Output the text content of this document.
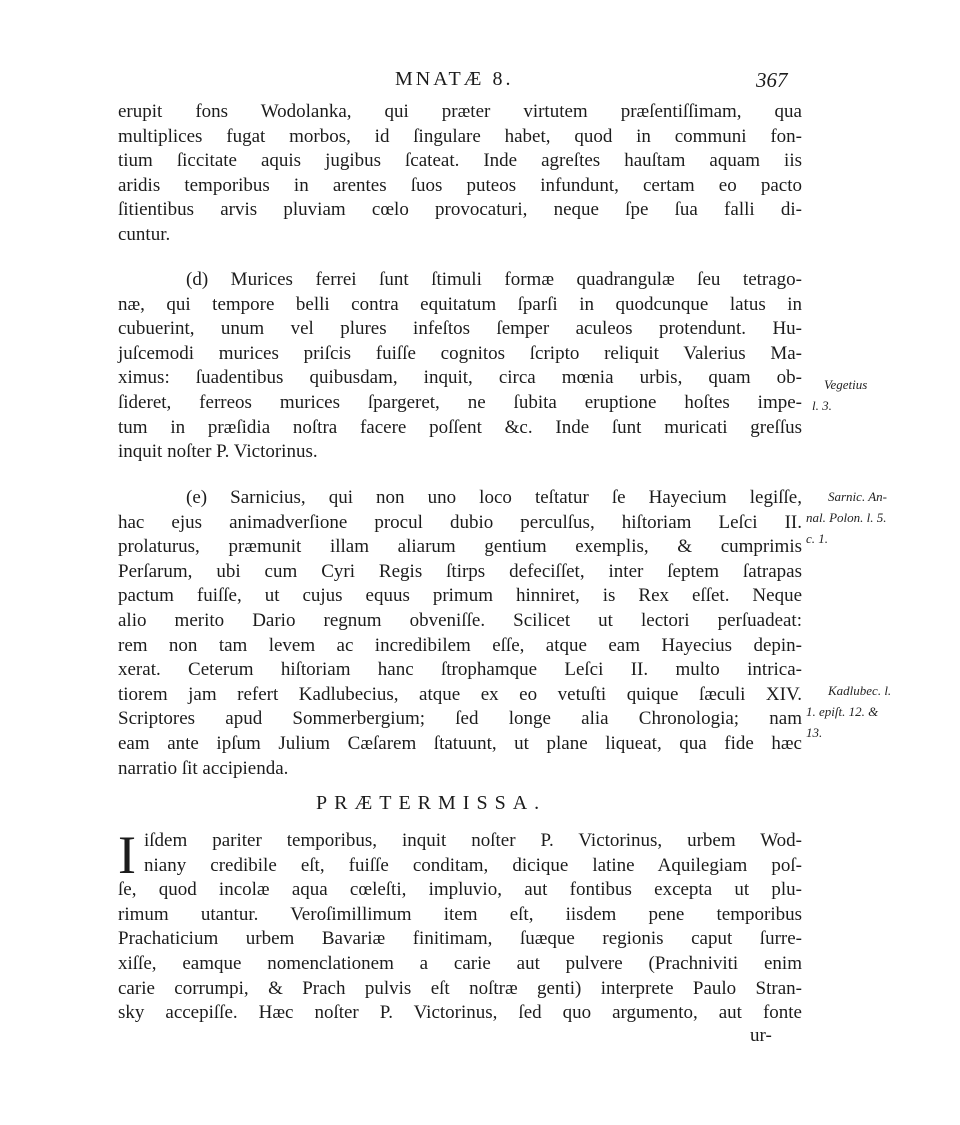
MNATÆ 8.	367
erupit fons Wodolanka, qui præter virtutem præſentiſſimam, qua
multiplices fugat morbos, id ſingulare habet, quod in communi fon-
tium ſiccitate aquis jugibus ſcateat. Inde agreſtes hauſtam aquam iis
aridis temporibus in arentes ſuos puteos infundunt, certam eo pacto
ſitientibus arvis pluviam cœlo provocaturi, neque ſpe ſua falli di-
cuntur.
(d) Murices ferrei ſunt ſtimuli formæ quadrangulæ ſeu tetrago-
næ, qui tempore belli contra equitatum ſparſi in quodcunque latus in
cubuerint, unum vel plures infeſtos ſemper aculeos protendunt. Hu-
juſcemodi murices priſcis fuiſſe cognitos ſcripto reliquit Valerius Ma-
ximus: ſuadentibus quibusdam, inquit, circa mœnia urbis, quam ob-
ſideret, ferreos murices ſpargeret, ne ſubita eruptione hoſtes impe-
tum in præſidia noſtra facere poſſent &c. Inde ſunt muricati greſſus
inquit noſter P. Victorinus.
(e) Sarnicius, qui non uno loco teſtatur ſe Hayecium legiſſe,
hac ejus animadverſione procul dubio perculſus, hiſtoriam Leſci II.
prolaturus, præmunit illam aliarum gentium exemplis, & cumprimis
Perſarum, ubi cum Cyri Regis ſtirps defeciſſet, inter ſeptem ſatrapas
pactum fuiſſe, ut cujus equus primum hinniret, is Rex eſſet. Neque
alio merito Dario regnum obveniſſe. Scilicet ut lectori perſuadeat:
rem non tam levem ac incredibilem eſſe, atque eam Hayecius depin-
xerat. Ceterum hiſtoriam hanc ſtrophamque Leſci II. multo intrica-
tiorem jam refert Kadlubecius, atque ex eo vetuſti quique ſæculi XIV.
Scriptores apud Sommerbergium; ſed longe alia Chronologia; nam
eam ante ipſum Julium Cæſarem ſtatuunt, ut plane liqueat, qua fide hæc
narratio ſit accipienda.
Vegetius
l. 3.
Sarnic. An-
nal. Polon. l. 5.
c. 1.
Kadlubec. l.
1. epiſt. 12. &
13.
PRÆTERMISSA.
I iſdem pariter temporibus, inquit noſter P. Victorinus, urbem Wod-
niany credibile eſt, fuiſſe conditam, dicique latine Aquilegiam poſ-
ſe, quod incolæ aqua cœleſti, impluvio, aut fontibus excepta ut plu-
rimum utantur. Veroſimillimum item eſt, iisdem pene temporibus
Prachaticium urbem Bavariæ finitimam, ſuæque regionis caput ſurre-
xiſſe, eamque nomenclationem a carie aut pulvere (Prachniviti enim
carie corrumpi, & Prach pulvis eſt noſtræ genti) interprete Paulo Stran-
sky accepiſſe. Hæc noſter P. Victorinus, ſed quo argumento, aut fonte
ur-
